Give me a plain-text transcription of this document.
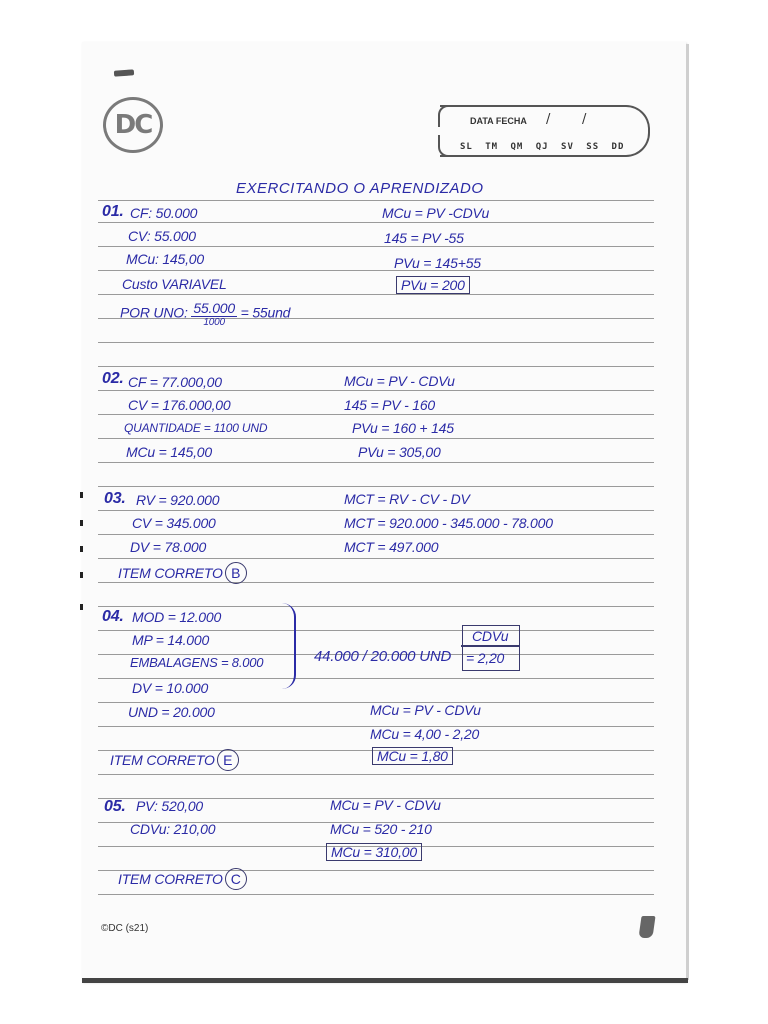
DC	DATA FECHA / /
SL TM QM QJ SV SS DD
EXERCITANDO O APRENDIZADO
01. CF: 50.000
CV: 55.000
MCu: 145,00
Custo VARIAVEL
POR UNO: $\frac{55.000}{1000} = 55und$
MCu = PV -CDVu
145 = PV -55
PVu = 145+55
PVu = 200
02. CF = 77.000,00
CV = 176.000,00
QUANTIDADE = 1100 UND
MCu = 145,00
MCu = PV - CDVu
145 = PV - 160
PVu = 160 + 145
PVu = 305,00
03. RV = 920.000
CV = 345.000
DV = 78.000
ITEM CORRETO B
MCT = RV - CV - DV
MCT = 920.000 - 345.000 - 78.000
MCT = 497.000
04. MOD = 12.000
MP = 14.000
EMBALAGENS = 8.000
DV = 10.000
UND = 20.000
44.000 / 20.000 UND
CDVu
= 2,20
MCu = PV - CDVu
MCu = 4,00 - 2,20
MCu = 1,80
ITEM CORRETO E
05. PV: 520,00
CDVu: 210,00
MCu = PV - CDVu
MCu = 520 - 210
MCu = 310,00
ITEM CORRETO C
©DC (s21)
